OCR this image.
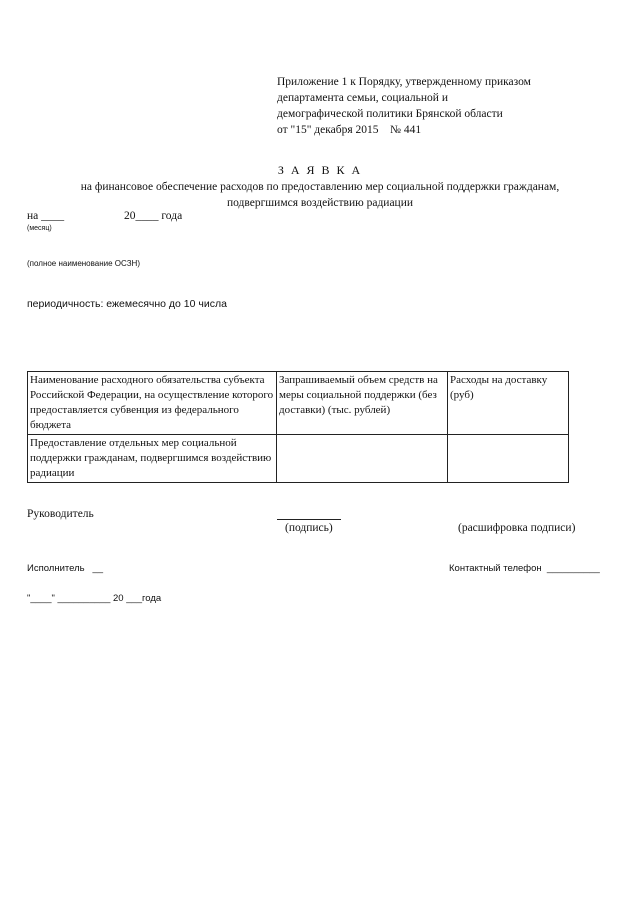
Приложение 1 к Порядку, утвержденному приказом
департамента семьи, социальной и
демографической политики Брянской области
от "15" декабря 2015    № 441
З А Я В К А
на финансовое обеспечение расходов по предоставлению мер социальной поддержки гражданам, подвергшимся воздействию радиации
на ____	20____ года
(месяц)
(полное наименование ОСЗН)
периодичность: ежемесячно до 10 числа
Наименование расходного обязательства субъекта Российской Федерации, на осуществление которого предоставляется субвенция из федерального бюджета	Запрашиваемый объем средств на меры социальной поддержки (без доставки) (тыс. рублей)	Расходы на доставку (руб)
Предоставление отдельных мер социальной поддержки гражданам, подвергшимся воздействию радиации		
Руководитель
(подпись)	(расшифровка подписи)
Исполнитель   __	Контактный телефон  __________
"____" __________ 20 ___года
